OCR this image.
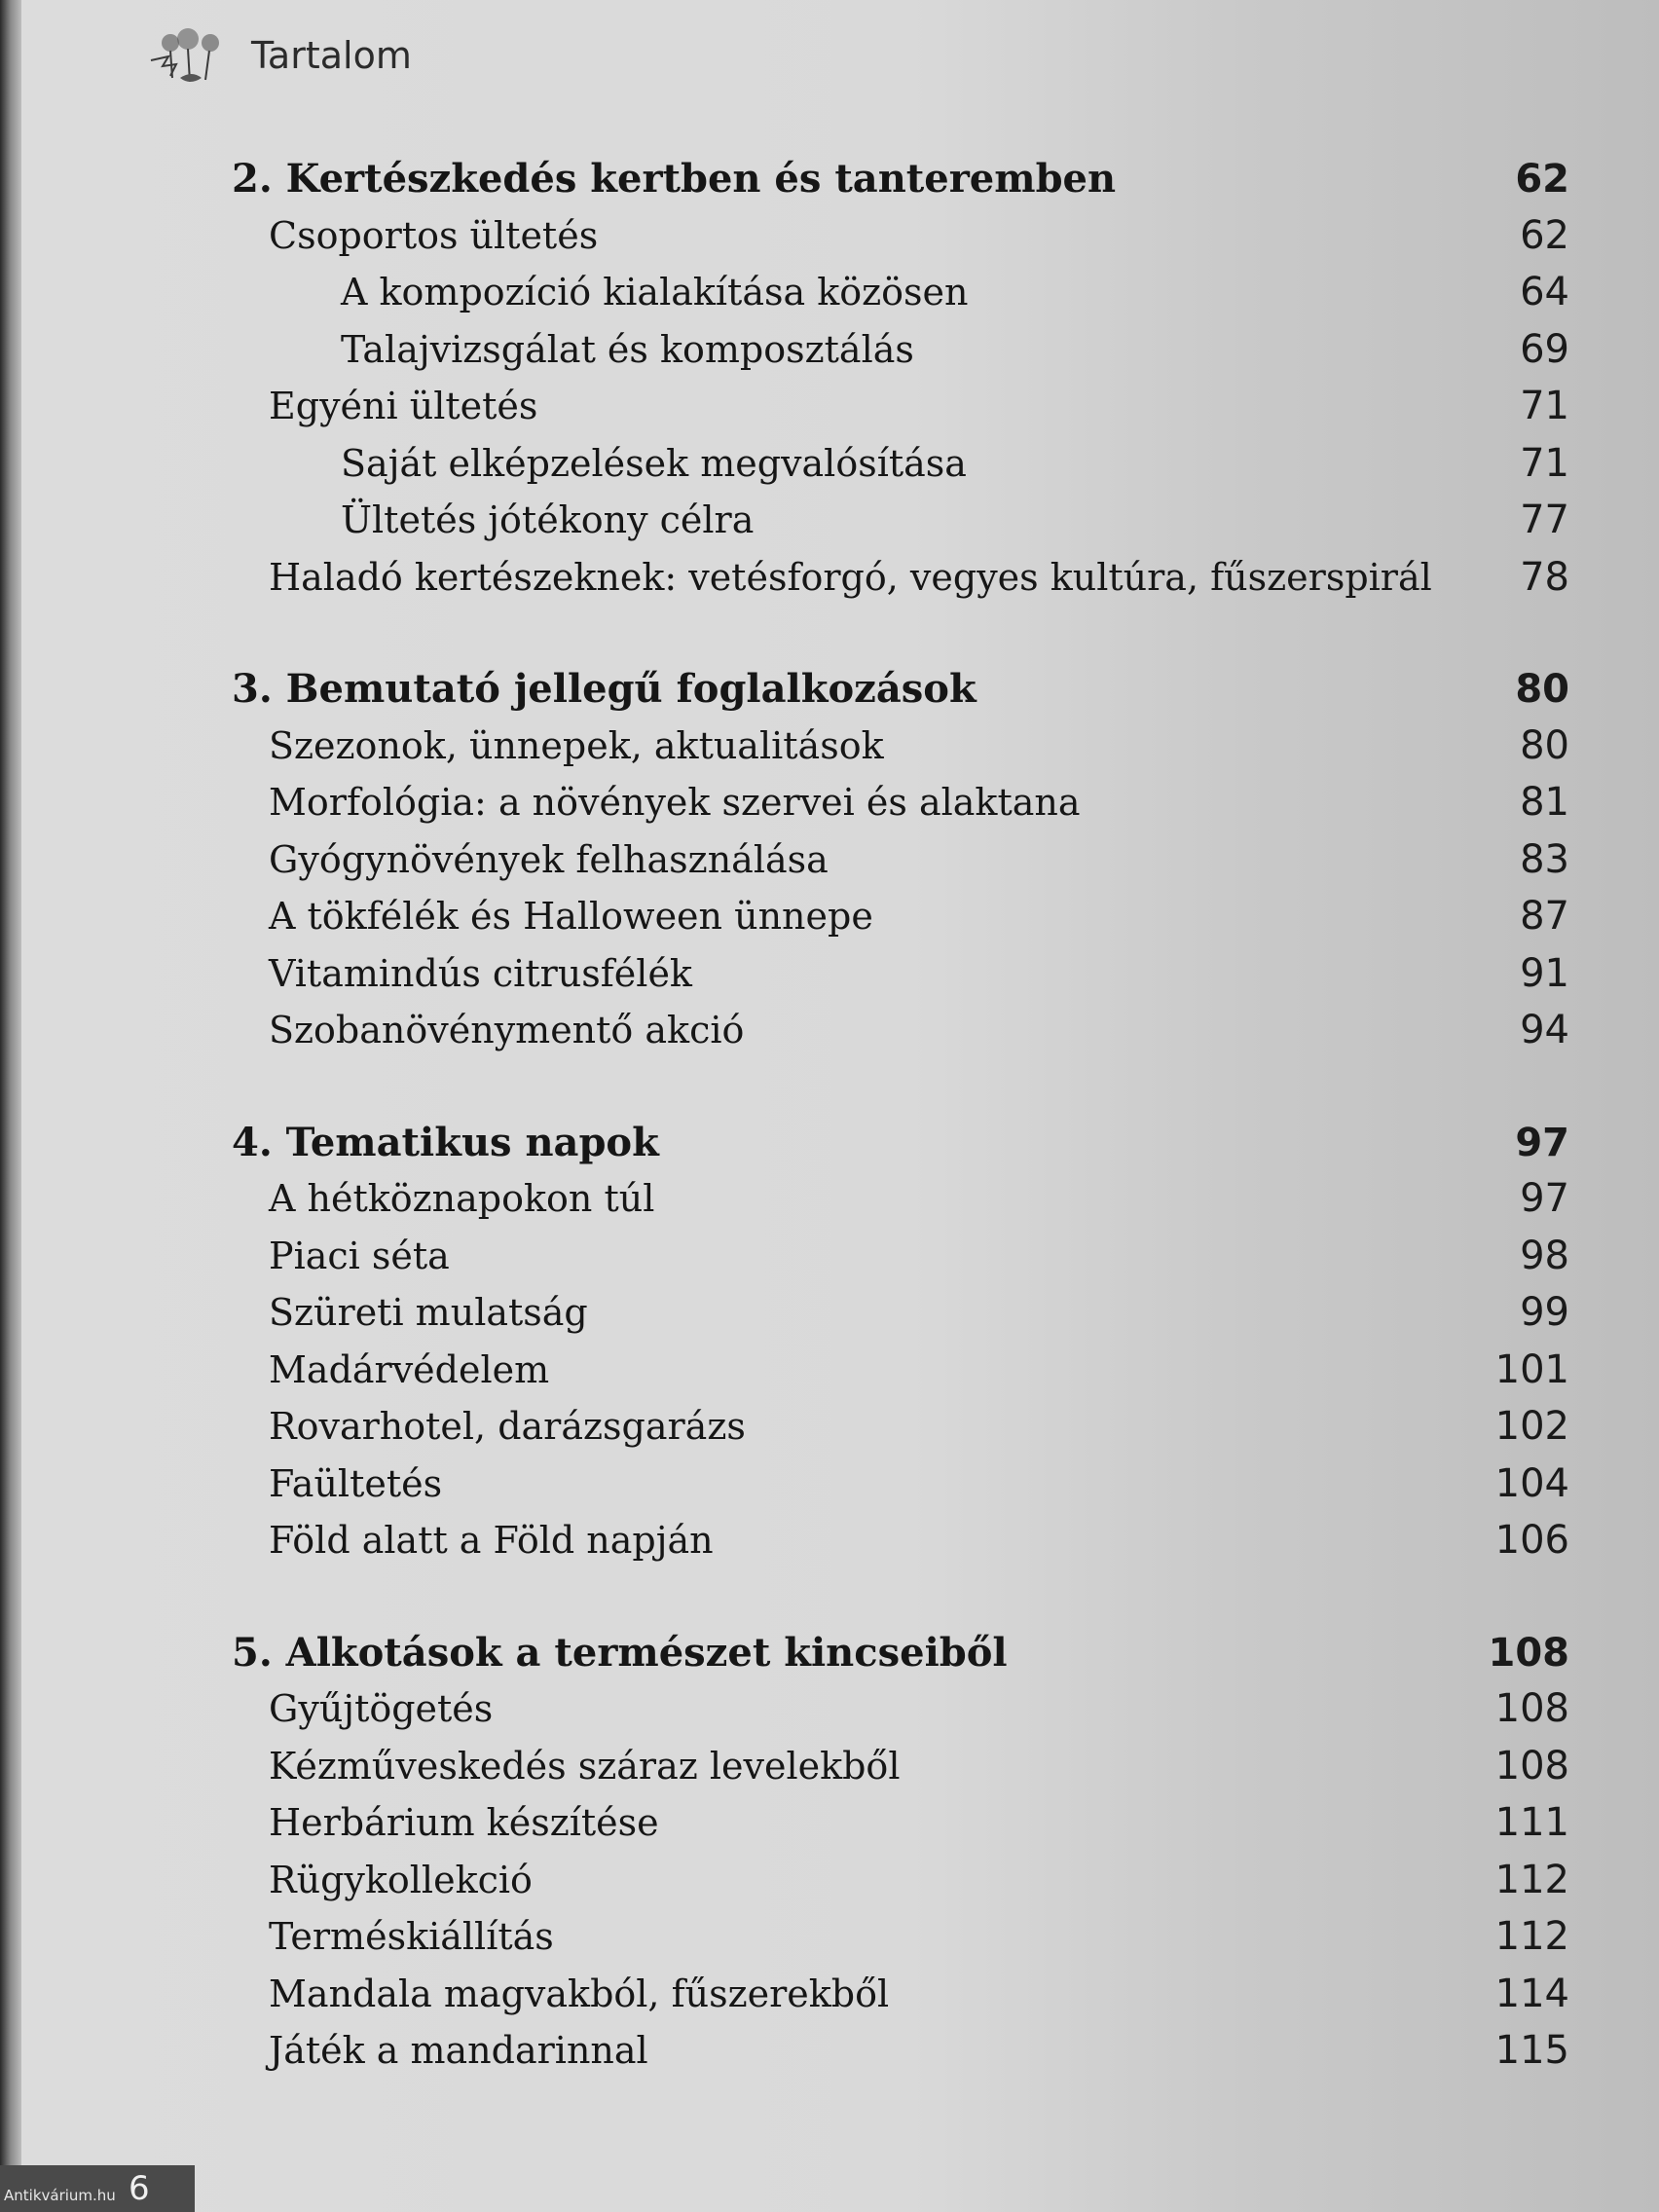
Tartalom

2. Kertészkedés kertben és tanteremben	62
Csoportos ültetés	62
A kompozíció kialakítása közösen	64
Talajvizsgálat és komposztálás	69
Egyéni ültetés	71
Saját elképzelések megvalósítása	71
Ültetés jótékony célra	77
Haladó kertészeknek: vetésforgó, vegyes kultúra, fűszerspirál 78
3. Bemutató jellegű foglalkozások	80
Szezonok, ünnepek, aktualitások	80
Morfológia: a növények szervei és alaktana	81
Gyógynövények felhasználása	83
A tökfélék és Halloween ünnepe	87
Vitamindús citrusfélék	91
Szobanövénymentő akció	94
4. Tematikus napok	97
A hétköznapokon túl	97
Piaci séta	98
Szüreti mulatság	99
Madárvédelem	101
Rovarhotel, darázsgarázs	102
Faültetés	104
Föld alatt a Föld napján	106
5. Alkotások a természet kincseiből	108
Gyűjtögetés	108
Kézműveskedés száraz levelekből	108
Herbárium készítése	111
Rügykollekció	112
Terméskiállítás	112
Mandala magvakból, fűszerekből	114
Játék a mandarinnal	115
Antikvárium.hu 6
